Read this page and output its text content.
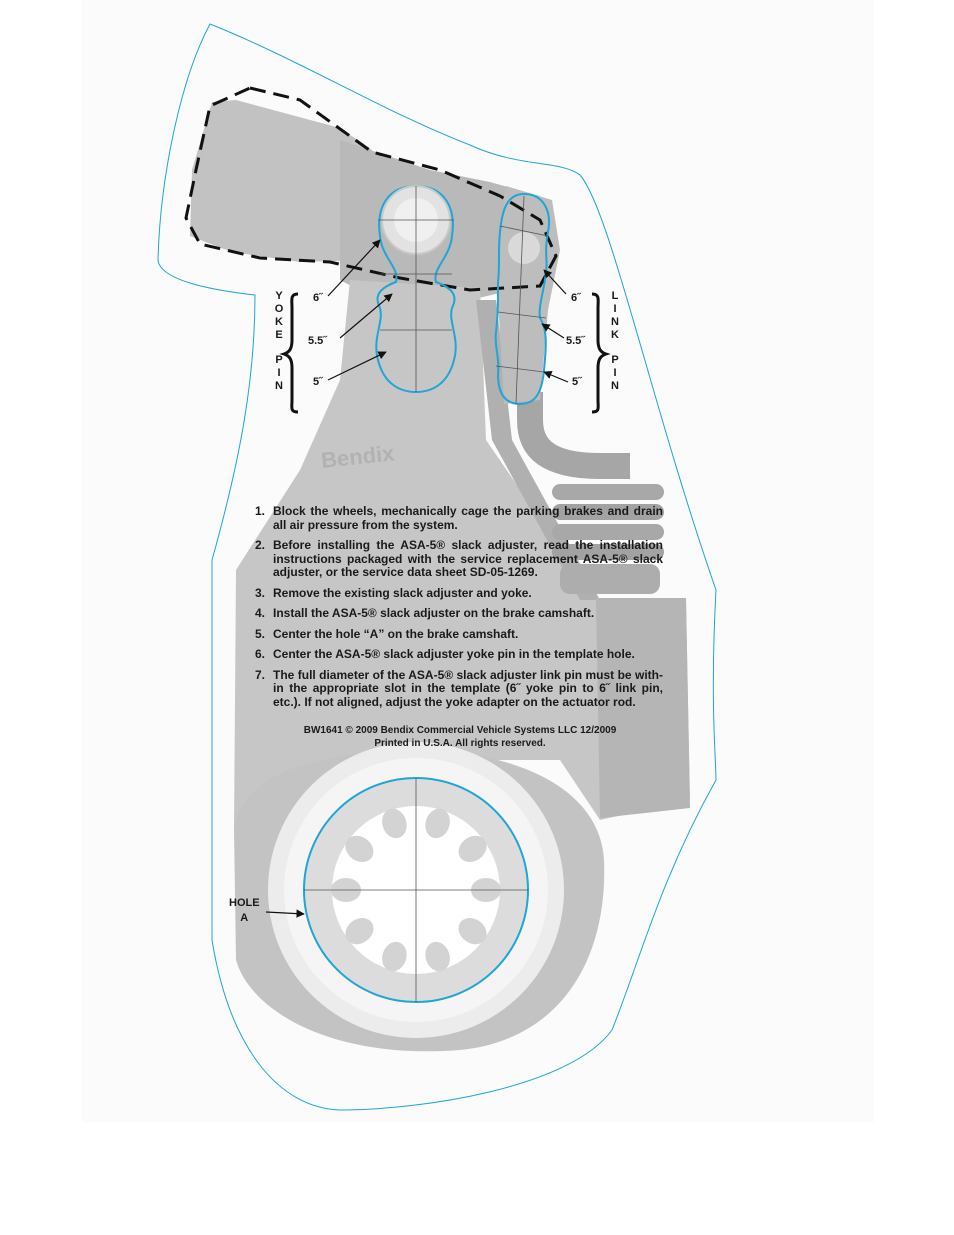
Bendix
Y
O
K
E
P
I
N
L
I
N
K
P
I
N
6˝
5.5˝
5˝
6˝
5.5˝
5˝
HOLE
A
1. Block the wheels, mechanically cage the parking brakes and drain all air pressure from the system.
2. Before installing the ASA-5® slack adjuster, read the installation instructions packaged with the service replacement ASA-5® slack adjuster, or the service data sheet SD-05-1269.
3. Remove the existing slack adjuster and yoke.
4. Install the ASA-5® slack adjuster on the brake camshaft.
5. Center the hole “A” on the brake camshaft.
6. Center the ASA-5® slack adjuster yoke pin in the template hole.
7. The full diameter of the ASA-5® slack adjuster link pin must be with-in the appropriate slot in the template (6˝ yoke pin to 6˝ link pin, etc.). If not aligned, adjust the yoke adapter on the actuator rod.
BW1641 © 2009 Bendix Commercial Vehicle Systems LLC 12/2009
Printed in U.S.A. All rights reserved.
